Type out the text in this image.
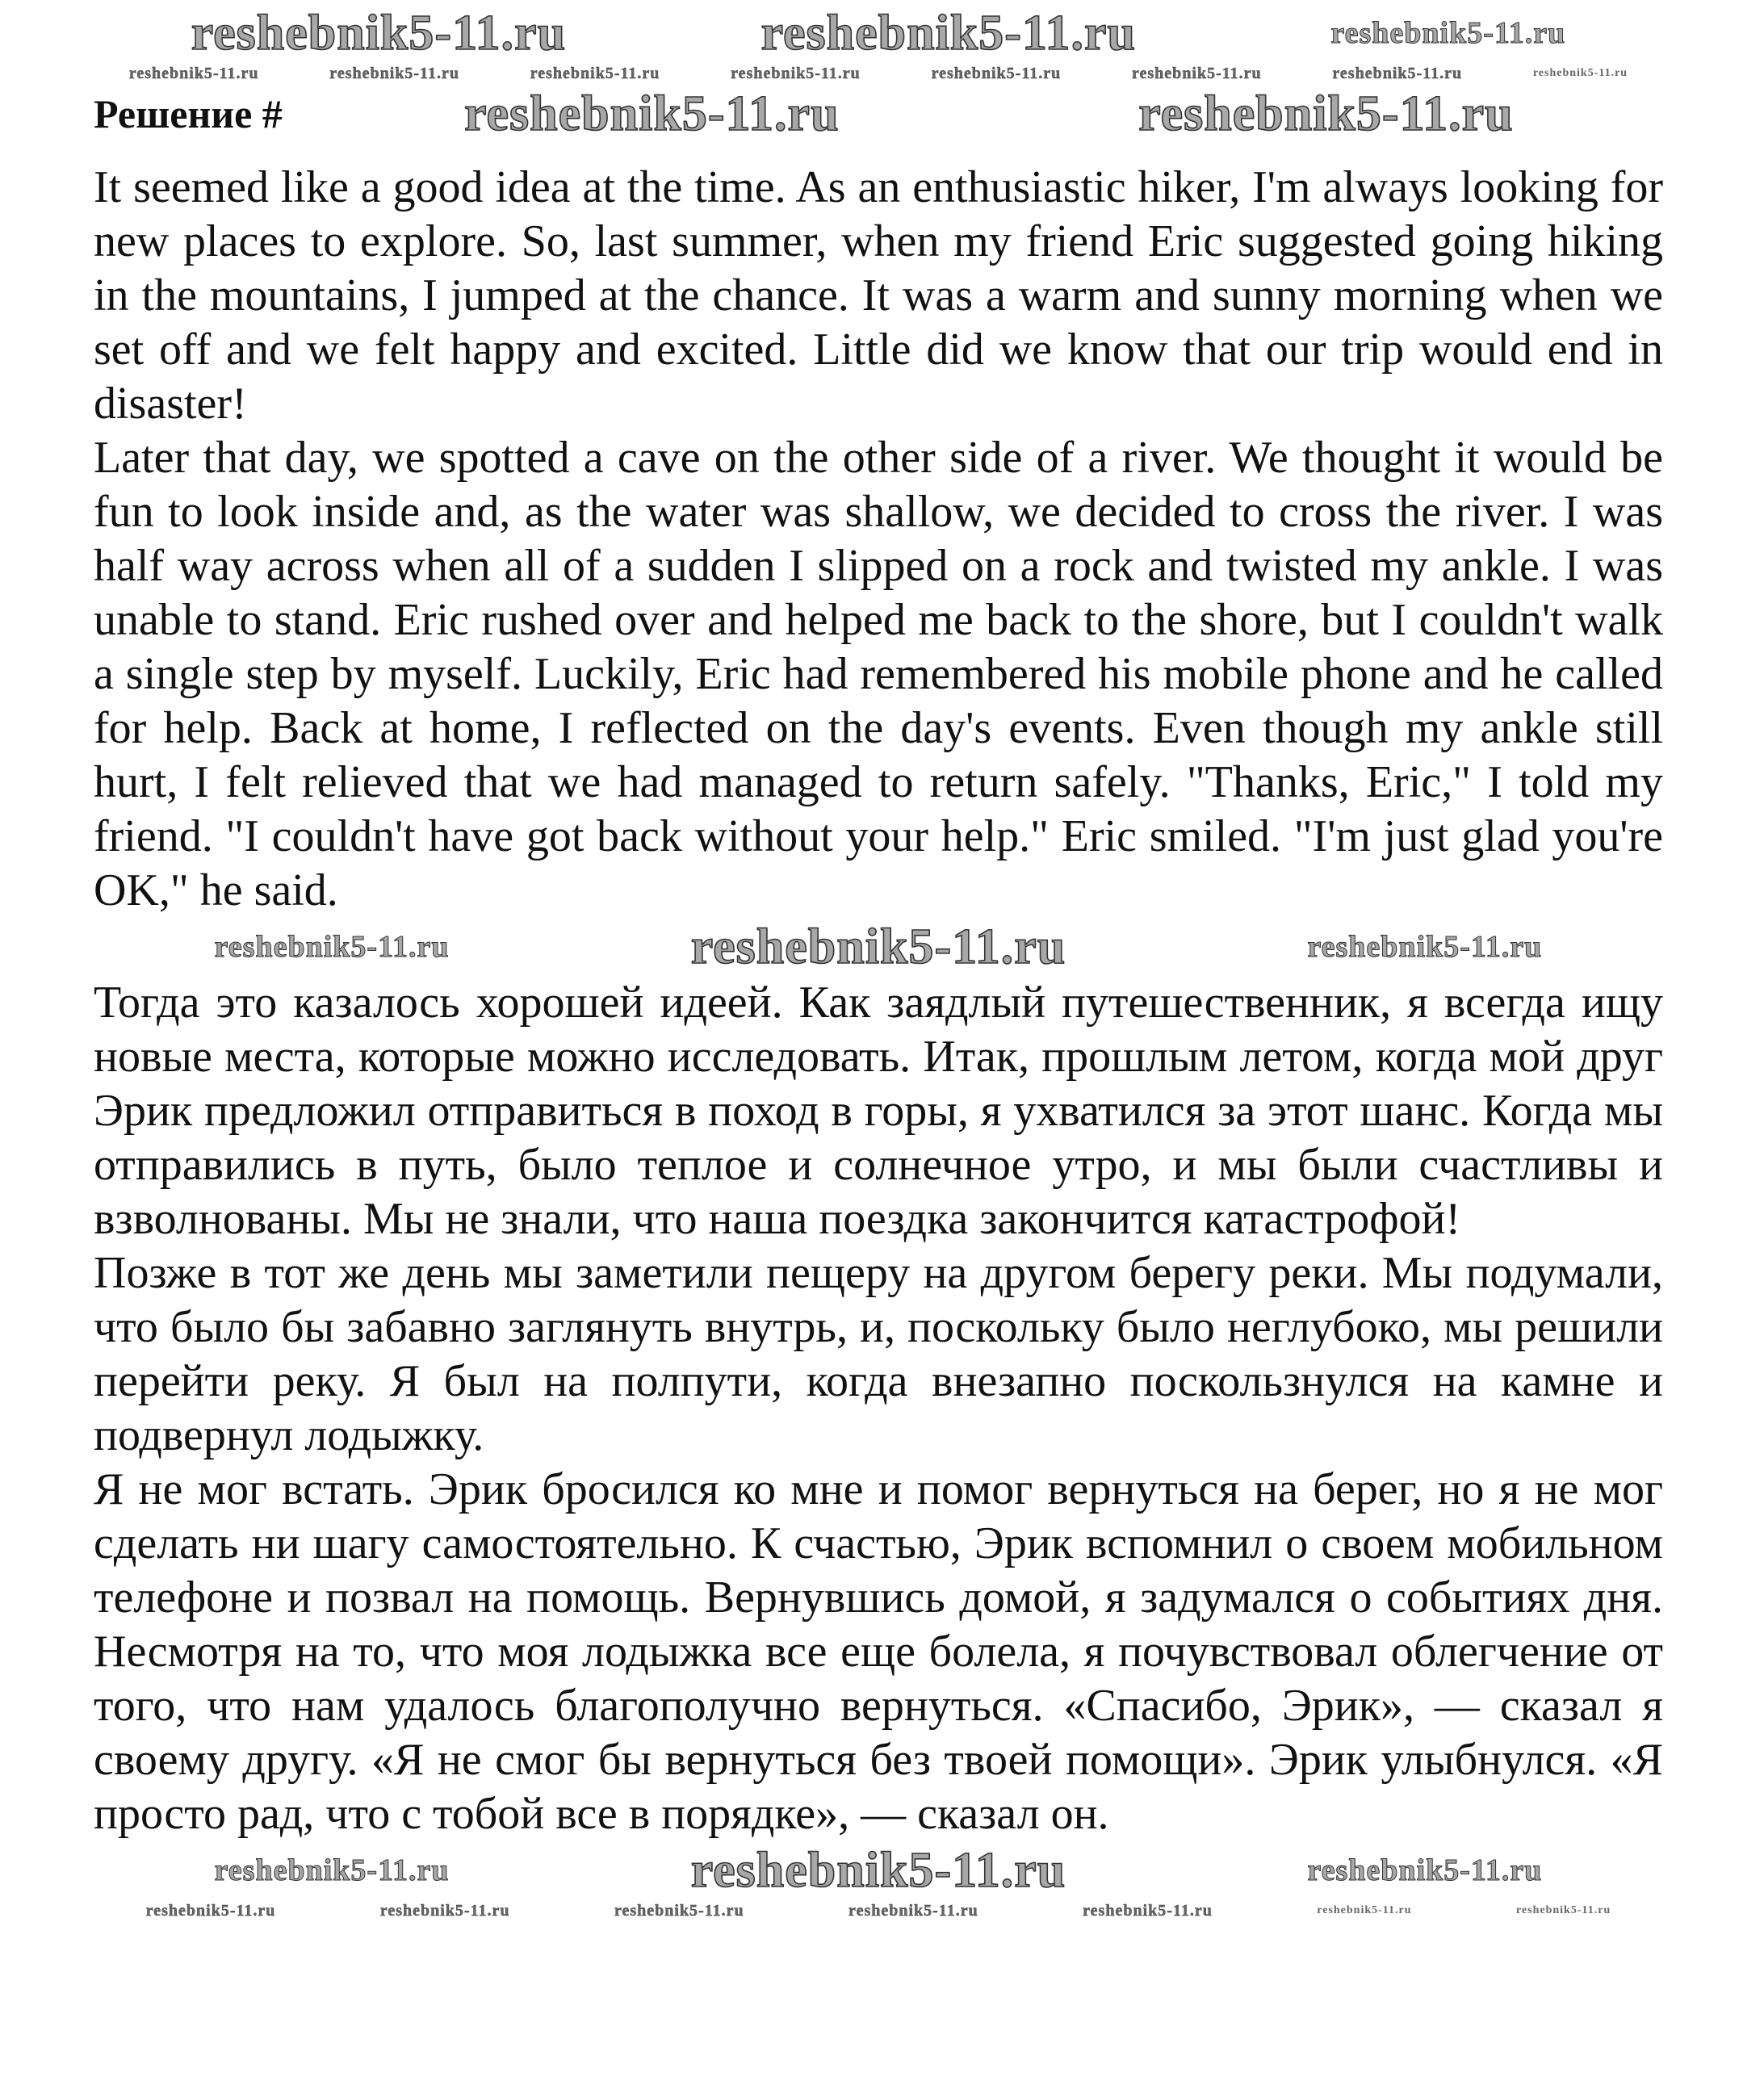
reshebnik5-11.ru	reshebnik5-11.ru	reshebnik5-11.ru
reshebnik5-11.ru	reshebnik5-11.ru	reshebnik5-11.ru	reshebnik5-11.ru	reshebnik5-11.ru	reshebnik5-11.ru	reshebnik5-11.ru	reshebnik5-11.ru
Решение #	reshebnik5-11.ru	reshebnik5-11.ru

It seemed like a good idea at the time. As an enthusiastic hiker, I'm always looking for new places to explore. So, last summer, when my friend Eric suggested going hiking in the mountains, I jumped at the chance. It was a warm and sunny morning when we set off and we felt happy and excited. Little did we know that our trip would end in disaster!

Later that day, we spotted a cave on the other side of a river. We thought it would be fun to look inside and, as the water was shallow, we decided to cross the river. I was half way across when all of a sudden I slipped on a rock and twisted my ankle. I was unable to stand. Eric rushed over and helped me back to the shore, but I couldn't walk a single step by myself. Luckily, Eric had remembered his mobile phone and he called for help. Back at home, I reflected on the day's events. Even though my ankle still hurt, I felt relieved that we had managed to return safely. "Thanks, Eric," I told my friend. "I couldn't have got back without your help." Eric smiled. "I'm just glad you're OK," he said.

reshebnik5-11.ru	reshebnik5-11.ru	reshebnik5-11.ru

Тогда это казалось хорошей идеей. Как заядлый путешественник, я всегда ищу новые места, которые можно исследовать. Итак, прошлым летом, когда мой друг Эрик предложил отправиться в поход в горы, я ухватился за этот шанс. Когда мы отправились в путь, было теплое и солнечное утро, и мы были счастливы и взволнованы. Мы не знали, что наша поездка закончится катастрофой!

Позже в тот же день мы заметили пещеру на другом берегу реки. Мы подумали, что было бы забавно заглянуть внутрь, и, поскольку было неглубоко, мы решили перейти реку. Я был на полпути, когда внезапно поскользнулся на камне и подвернул лодыжку.

Я не мог встать. Эрик бросился ко мне и помог вернуться на берег, но я не мог сделать ни шагу самостоятельно. К счастью, Эрик вспомнил о своем мобильном телефоне и позвал на помощь. Вернувшись домой, я задумался о событиях дня. Несмотря на то, что моя лодыжка все еще болела, я почувствовал облегчение от того, что нам удалось благополучно вернуться. «Спасибо, Эрик», — сказал я своему другу. «Я не смог бы вернуться без твоей помощи». Эрик улыбнулся. «Я просто рад, что с тобой все в порядке», — сказал он.

reshebnik5-11.ru	reshebnik5-11.ru	reshebnik5-11.ru
reshebnik5-11.ru	reshebnik5-11.ru	reshebnik5-11.ru	reshebnik5-11.ru	reshebnik5-11.ru	reshebnik5-11.ru	reshebnik5-11.ru
